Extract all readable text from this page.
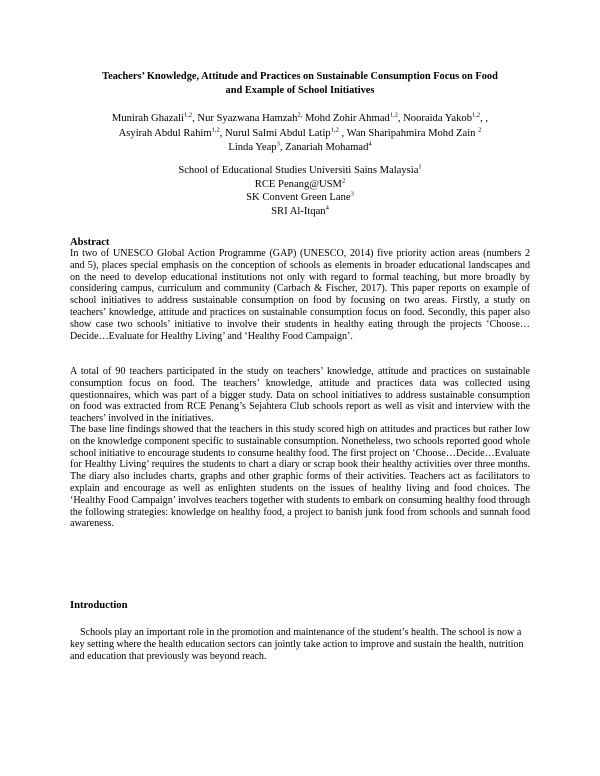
Teachers’ Knowledge, Attitude and Practices on Sustainable Consumption Focus on Food
and Example of School Initiatives
Munirah Ghazali$^{1,2}$, Nur Syazwana Hamzah$^{2,}$ Mohd Zohir Ahmad$^{1,2}$, Nooraida Yakob$^{1,2}$, ,
Asyirah Abdul Rahim$^{1,2}$, Nurul Salmi Abdul Latip$^{1,2}$ , Wan Sharipahmira Mohd Zain $^2$
Linda Yeap$^3$, Zanariah Mohamad$^4$
School of Educational Studies Universiti Sains Malaysia$^1$
RCE Penang@USM$^2$
SK Convent Green Lane$^3$
SRI Al-Itqan$^4$
Abstract

In two of UNESCO Global Action Programme (GAP) (UNESCO, 2014) five priority action areas (numbers 2 and 5), places special emphasis on the conception of schools as elements in broader educational landscapes and on the need to develop educational institutions not only with regard to formal teaching, but more broadly by considering campus, curriculum and community (Carbach & Fischer, 2017). This paper reports on example of school initiatives to address sustainable consumption on food by focusing on two areas. Firstly, a study on teachers’ knowledge, attitude and practices on sustainable consumption focus on food. Secondly, this paper also show case two schools’ initiative to involve their students in healthy eating through the projects ‘Choose…Decide…Evaluate for Healthy Living’ and ‘Healthy Food Campaign’.

A total of 90 teachers participated in the study on teachers’ knowledge, attitude and practices on sustainable consumption focus on food. The teachers’ knowledge, attitude and practices data was collected using questionnaires, which was part of a bigger study. Data on school initiatives to address sustainable consumption on food was extracted from RCE Penang’s Sejahtera Club schools report as well as visit and interview with the teachers’ involved in the initiatives.

The base line findings showed that the teachers in this study scored high on attitudes and practices but rather low on the knowledge component specific to sustainable consumption. Nonetheless, two schools reported good whole school initiative to encourage students to consume healthy food. The first project on ‘Choose…Decide…Evaluate for Healthy Living’ requires the students to chart a diary or scrap book their healthy activities over three months. The diary also includes charts, graphs and other graphic forms of their activities. Teachers act as facilitators to explain and encourage as well as enlighten students on the issues of healthy living and food choices. The ‘Healthy Food Campaign’ involves teachers together with students to embark on consuming healthy food through the following strategies: knowledge on healthy food, a project to banish junk food from schools and sunnah food awareness.

Introduction

Schools play an important role in the promotion and maintenance of the student’s health. The school is now a key setting where the health education sectors can jointly take action to improve and sustain the health, nutrition and education that previously was beyond reach.
